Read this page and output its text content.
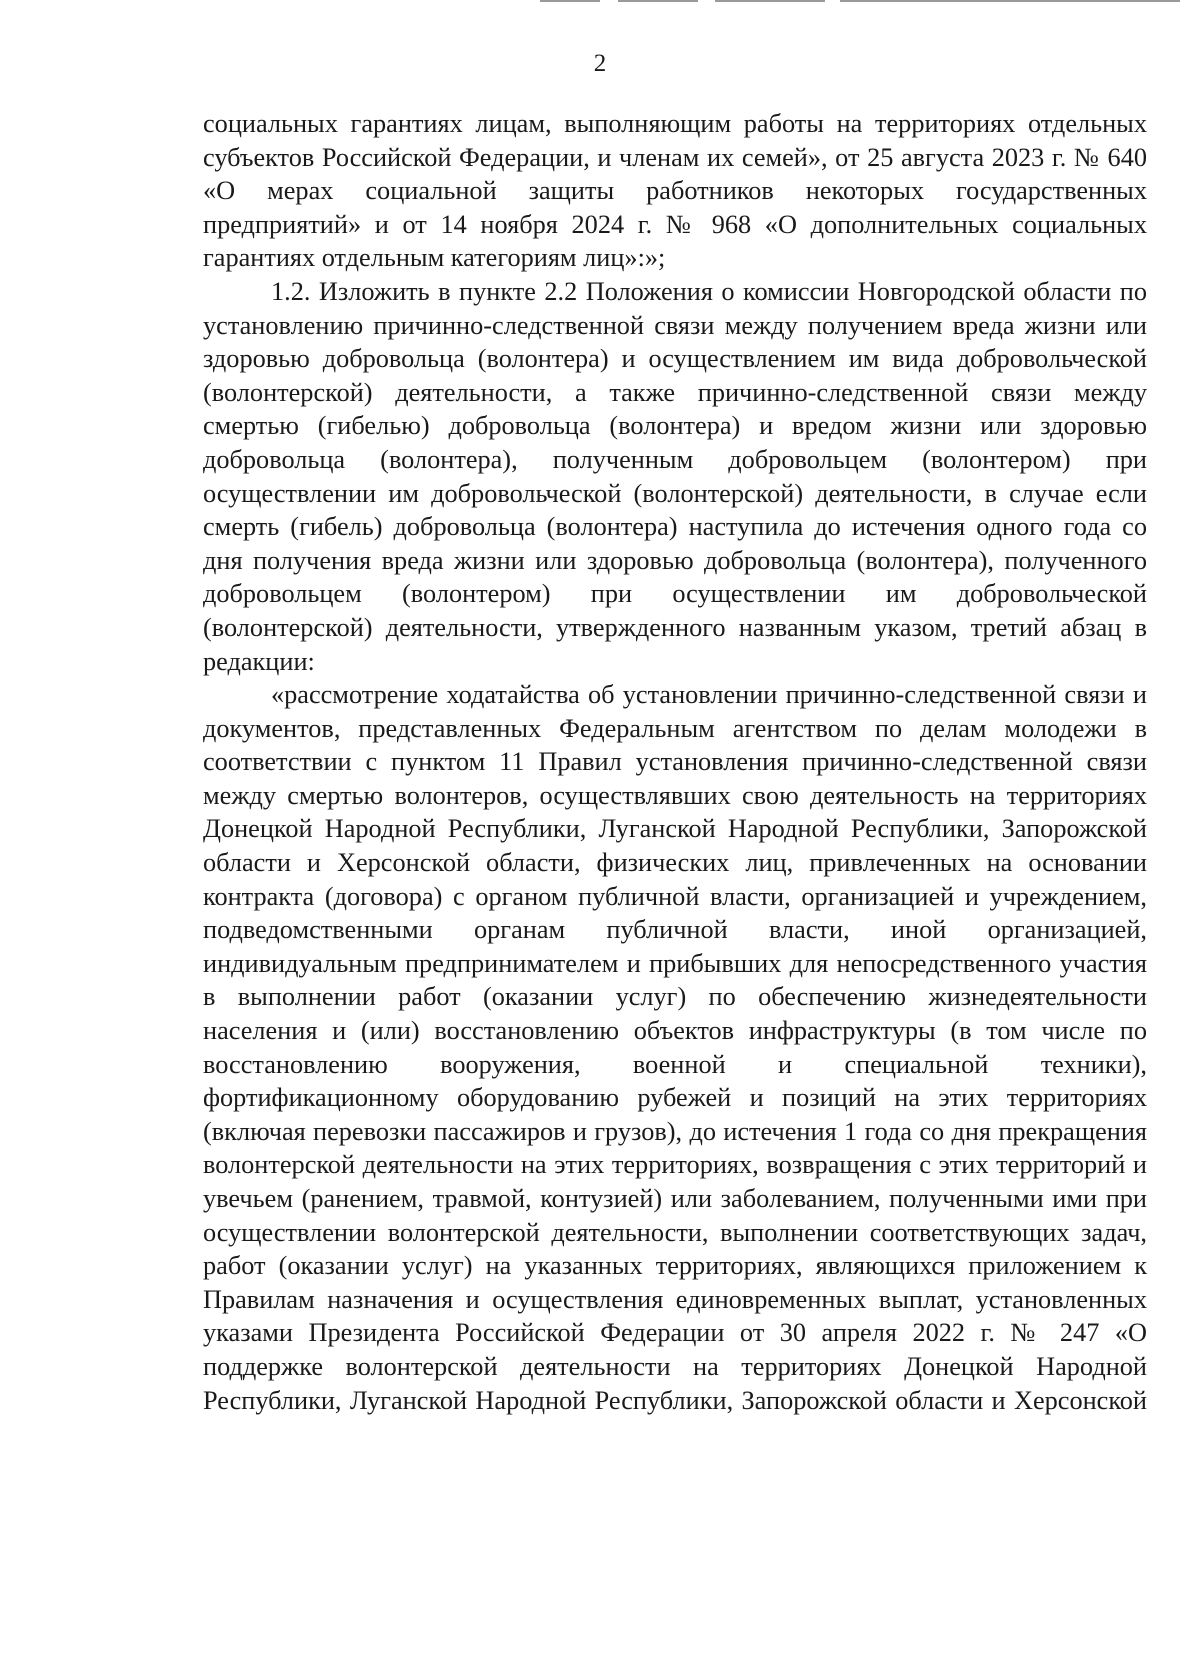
2

социальных гарантиях лицам, выполняющим работы на территориях отдельных субъектов Российской Федерации, и членам их семей», от 25 августа 2023 г. № 640 «О мерах социальной защиты работников некоторых государственных предприятий» и от 14 ноября 2024 г. № 968 «О дополнительных социальных гарантиях отдельным категориям лиц»:»;

1.2. Изложить в пункте 2.2 Положения о комиссии Новгородской области по установлению причинно-следственной связи между получением вреда жизни или здоровью добровольца (волонтера) и осуществлением им вида добровольческой (волонтерской) деятельности, а также причинно-следственной связи между смертью (гибелью) добровольца (волонтера) и вредом жизни или здоровью добровольца (волонтера), полученным добровольцем (волонтером) при осуществлении им добровольческой (волонтерской) деятельности, в случае если смерть (гибель) добровольца (волонтера) наступила до истечения одного года со дня получения вреда жизни или здоровью добровольца (волонтера), полученного добровольцем (волонтером) при осуществлении им добровольческой (волонтерской) деятельности, утвержденного названным указом, третий абзац в редакции:

«рассмотрение ходатайства об установлении причинно-следственной связи и документов, представленных Федеральным агентством по делам молодежи в соответствии с пунктом 11 Правил установления причинно-следственной связи между смертью волонтеров, осуществлявших свою деятельность на территориях Донецкой Народной Республики, Луганской Народной Республики, Запорожской области и Херсонской области, физических лиц, привлеченных на основании контракта (договора) с органом публичной власти, организацией и учреждением, подведомственными органам публичной власти, иной организацией, индивидуальным предпринимателем и прибывших для непосредственного участия в выполнении работ (оказании услуг) по обеспечению жизнедеятельности населения и (или) восстановлению объектов инфраструктуры (в том числе по восстановлению вооружения, военной и специальной техники), фортификационному оборудованию рубежей и позиций на этих территориях (включая перевозки пассажиров и грузов), до истечения 1 года со дня прекращения волонтерской деятельности на этих территориях, возвращения с этих территорий и увечьем (ранением, травмой, контузией) или заболеванием, полученными ими при осуществлении волонтерской деятельности, выполнении соответствующих задач, работ (оказании услуг) на указанных территориях, являющихся приложением к Правилам назначения и осуществления единовременных выплат, установленных указами Президента Российской Федерации от 30 апреля 2022 г. № 247 «О поддержке волонтерской деятельности на территориях Донецкой Народной Республики, Луганской Народной Республики, Запорожской области и Херсонской
